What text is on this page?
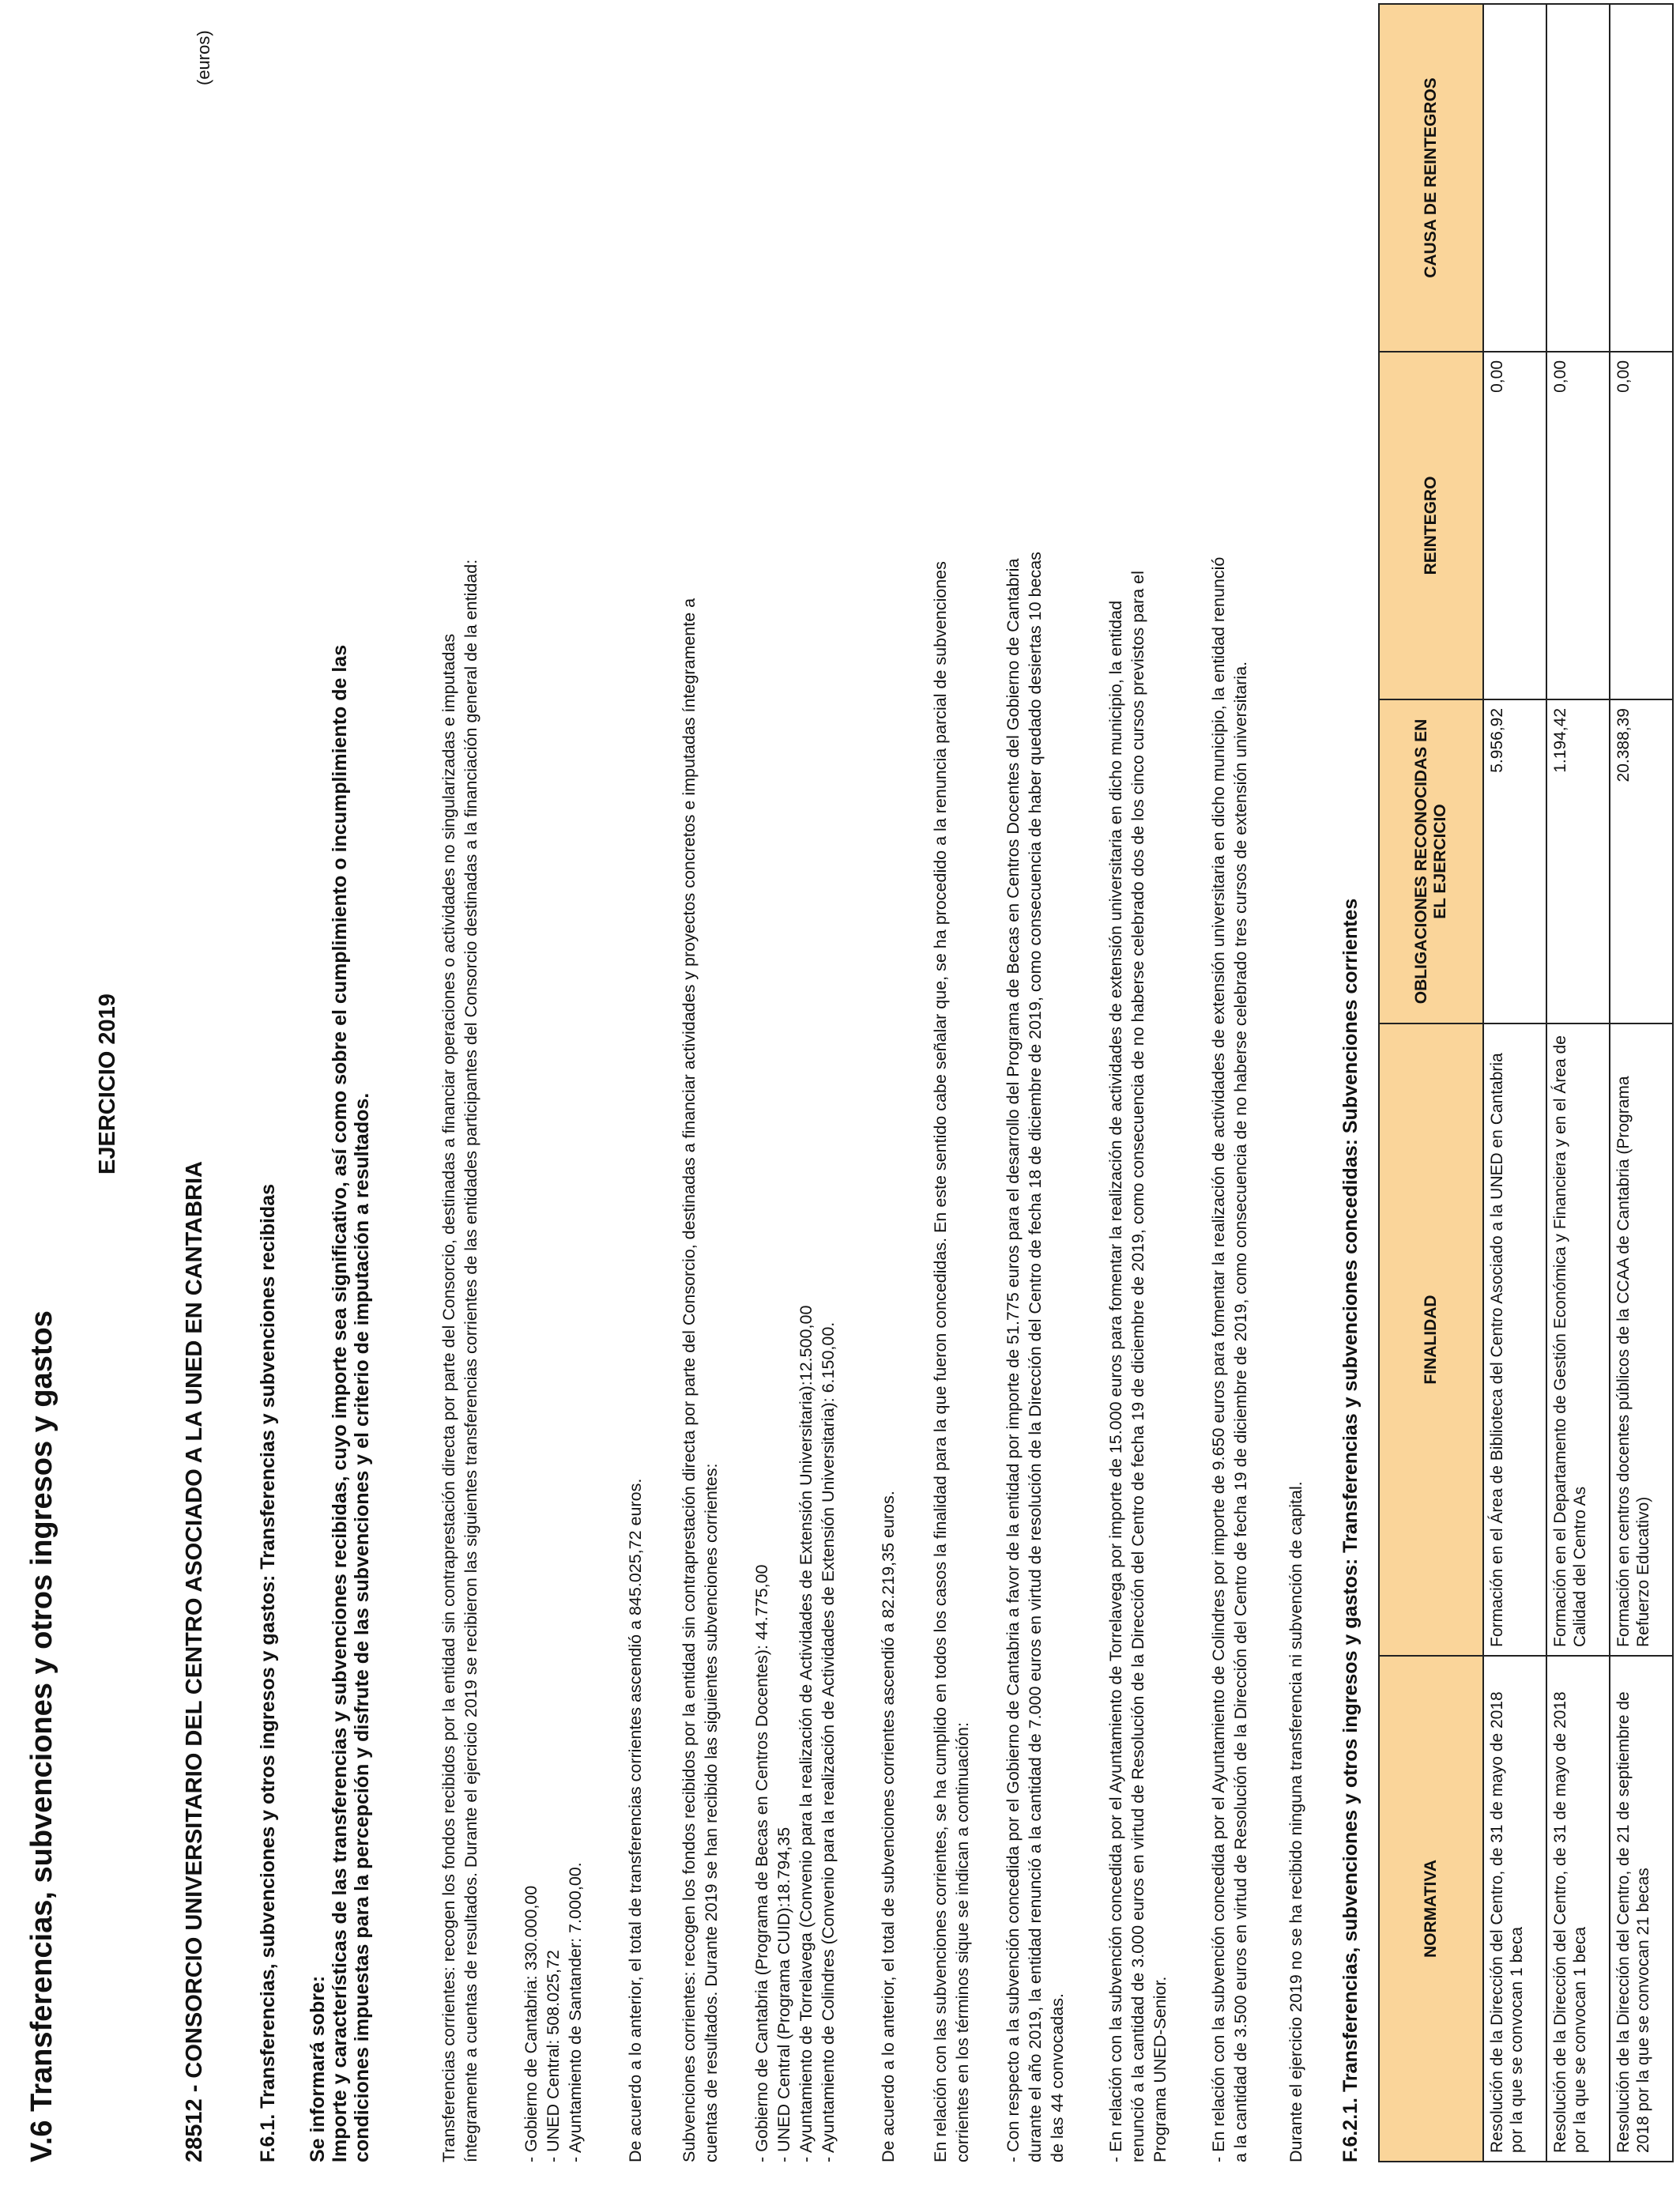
V.6 Transferencias, subvenciones y otros ingresos y gastos
(euros)
EJERCICIO 2019
28512 - CONSORCIO UNIVERSITARIO DEL CENTRO ASOCIADO A LA UNED EN CANTABRIA	F.6.1. Transferencias, subvenciones y otros ingresos y gastos: Transferencias y subvenciones recibidas Se informará sobre: Importe y características de las transferencias y subvenciones recibidas, cuyo importe sea significativo, así como sobre el cumplimiento o incumplimiento de las condiciones impuestas para la percepción y disfrute de las subvenciones y el criterio de imputación a resultados.	Transferencias corrientes: recogen los fondos recibidos por la entidad sin contraprestación directa por parte del Consorcio, destinadas a financiar operaciones o actividades no singularizadas e imputadas íntegramente a cuentas de resultados. Durante el ejercicio 2019 se recibieron las siguientes transferencias corrientes de las entidades participantes del Consorcio destinadas a la financiación general de la entidad: - Gobierno de Cantabria: 330.000,00 - UNED Central: 508.025,72 - Ayuntamiento de Santander: 7.000,00. De acuerdo a lo anterior, el total de transferencias corrientes ascendió a 845.025,72 euros. Subvenciones corrientes: recogen los fondos recibidos por la entidad sin contraprestación directa por parte del Consorcio, destinadas a financiar actividades y proyectos concretos e imputadas íntegramente a cuentas de resultados. Durante 2019 se han recibido las siguientes subvenciones corrientes: - Gobierno de Cantabria (Programa de Becas en Centros Docentes): 44.775,00 - UNED Central (Programa CUID):18.794,35 - Ayuntamiento de Torrelavega (Convenio para la realización de Actividades de Extensión Universitaria):12.500,00 - Ayuntamiento de Colindres (Convenio para la realización de Actividades de Extensión Universitaria): 6.150,00. De acuerdo a lo anterior, el total de subvenciones corrientes ascendió a 82.219,35 euros. En relación con las subvenciones corrientes, se ha cumplido en todos los casos la finalidad para la que fueron concedidas. En este sentido cabe señalar que, se ha procedido a la renuncia parcial de subvenciones corrientes en los términos sique se indican a continuación: - Con respecto a la subvención concedida por el Gobierno de Cantabria a favor de la entidad por importe de 51.775 euros para el desarrollo del Programa de Becas en Centros Docentes del Gobierno de Cantabria durante el año 2019, la entidad renunció a la cantidad de 7.000 euros en virtud de resolución de la Dirección del Centro de fecha 18 de diciembre de 2019, como consecuencia de haber quedado desiertas 10 becas de las 44 convocadas. - En relación con la subvención concedida por el Ayuntamiento de Torrelavega por importe de 15.000 euros para fomentar la realización de actividades de extensión universitaria en dicho municipio, la entidad renunció a la cantidad de 3.000 euros en virtud de Resolución de la Dirección del Centro de fecha 19 de diciembre de 2019, como consecuencia de no haberse celebrado dos de los cinco cursos previstos para el Programa UNED-Senior. - En relación con la subvención concedida por el Ayuntamiento de Colindres por importe de 9.650 euros para fomentar la realización de actividades de extensión universitaria en dicho municipio, la entidad renunció a la cantidad de 3.500 euros en virtud de Resolución de la Dirección del Centro de fecha 19 de diciembre de 2019, como consecuencia de no haberse celebrado tres cursos de extensión universitaria. Durante el ejercicio 2019 no se ha recibido ninguna transferencia ni subvención de capital. F.6.2.1. Transferencias, subvenciones y otros ingresos y gastos: Transferencias y subvenciones concedidas: Subvenciones corrientes	NORMATIVA	FINALIDAD	OBLIGACIONES RECONOCIDAS EN EL EJERCICIO	REINTEGRO	CAUSA DE REINTEGROS
Resolución de la Dirección del Centro, de 31 de mayo de 2018 por la que se convocan 1 beca	Formación en el Área de Biblioteca del Centro Asociado a la UNED en Cantabria	5.956,92	0,00	
Resolución de la Dirección del Centro, de 31 de mayo de 2018 por la que se convocan 1 beca	Formación en el Departamento de Gestión Económica y Financiera y en el Área de Calidad del Centro As	1.194,42	0,00	
Resolución de la Dirección del Centro, de 21 de septiembre de 2018 por la que se convocan 21 becas	Formación en centros docentes públicos de la CCAA de Cantabria (Programa Refuerzo Educativo)	20.388,39	0,00	
